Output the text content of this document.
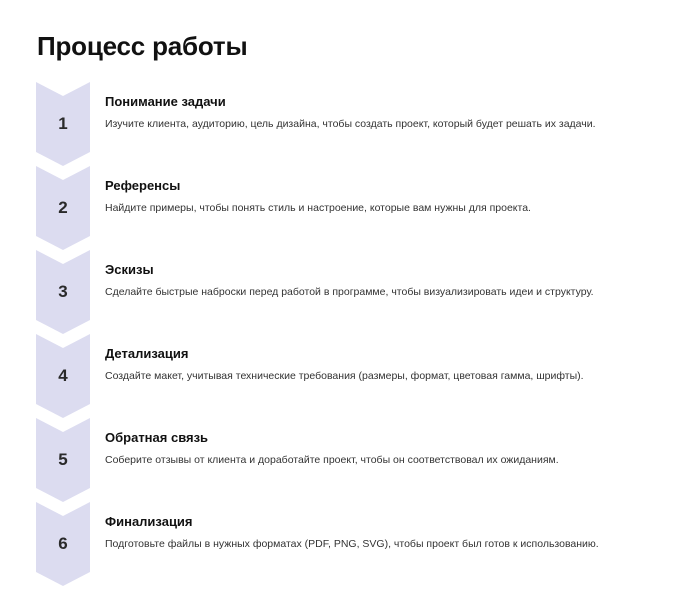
Процесс работы
1
Понимание задачи

Изучите клиента, аудиторию, цель дизайна, чтобы создать проект, который будет решать их задачи.

2
Референсы

Найдите примеры, чтобы понять стиль и настроение, которые вам нужны для проекта.

3
Эскизы

Сделайте быстрые наброски перед работой в программе, чтобы визуализировать идеи и структуру.

4
Детализация

Создайте макет, учитывая технические требования (размеры, формат, цветовая гамма, шрифты).

5
Обратная связь

Соберите отзывы от клиента и доработайте проект, чтобы он соответствовал их ожиданиям.

6
Финализация

Подготовьте файлы в нужных форматах (PDF, PNG, SVG), чтобы проект был готов к использованию.
